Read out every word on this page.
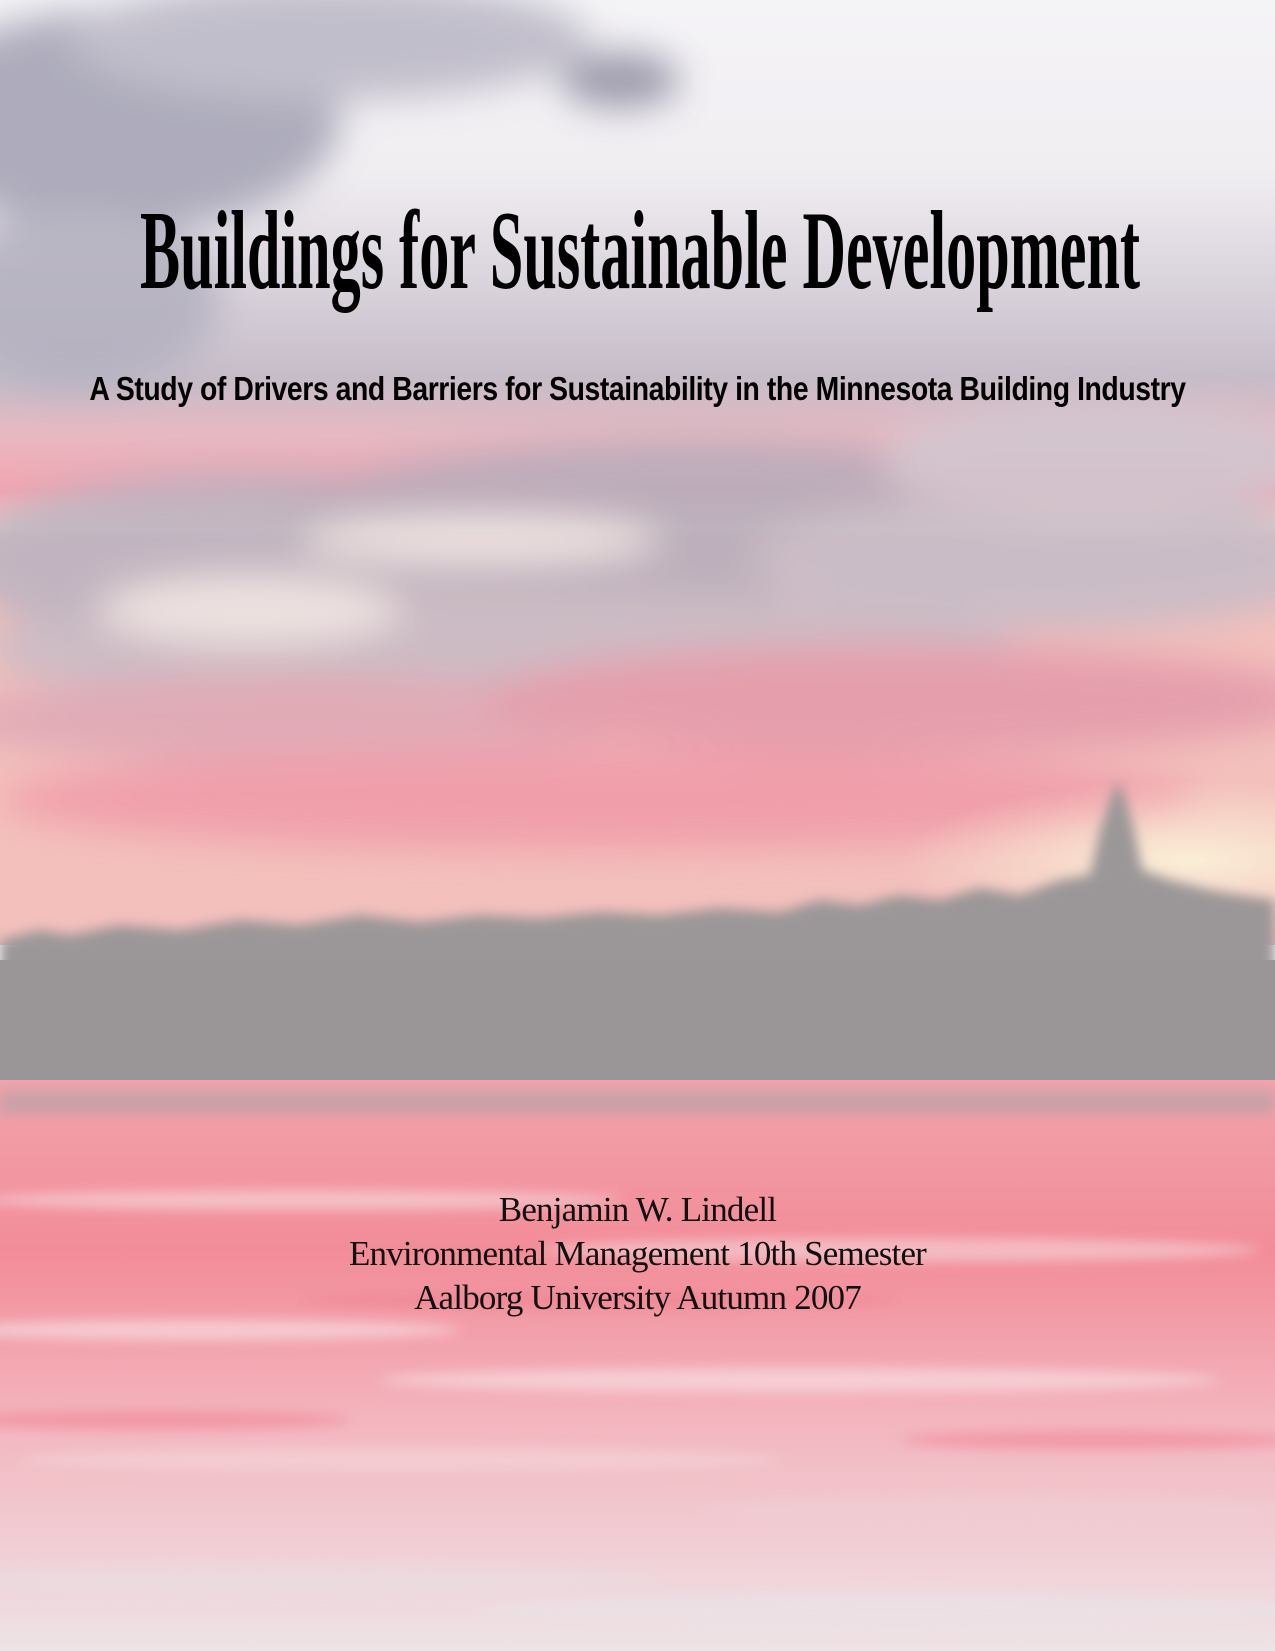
Buildings for Sustainable Development
A Study of Drivers and Barriers for Sustainability in the Minnesota Building Industry
Benjamin W. Lindell
Environmental Management 10th Semester
Aalborg University Autumn 2007
